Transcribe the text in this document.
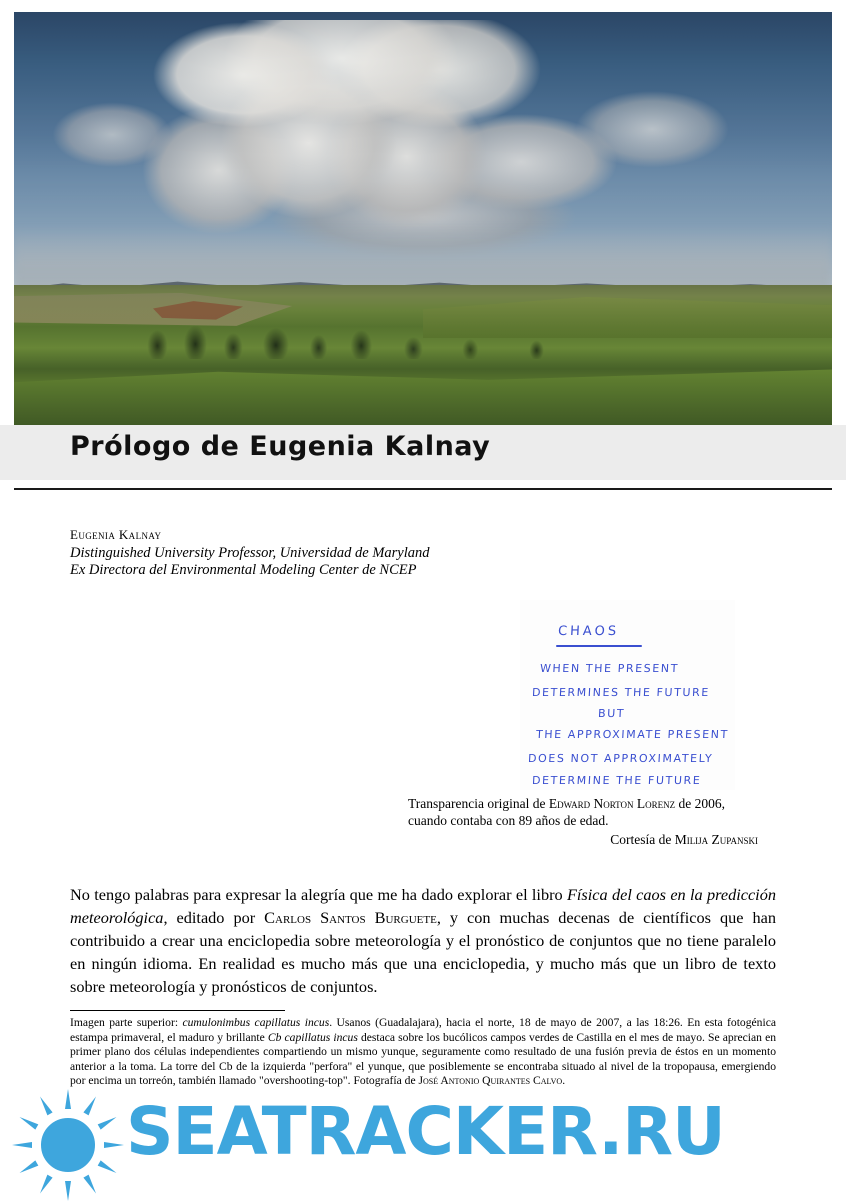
Prólogo de Eugenia Kalnay
Eugenia Kalnay
Distinguished University Professor, Universidad de Maryland
Ex Directora del Environmental Modeling Center de NCEP
CHAOS
WHEN THE PRESENT
DETERMINES THE FUTURE
BUT
THE APPROXIMATE PRESENT
DOES NOT APPROXIMATELY
DETERMINE THE FUTURE
Transparencia original de Edward Norton Lorenz de 2006, cuando contaba con 89 años de edad.
Cortesía de Milija Zupanski
No tengo palabras para expresar la alegría que me ha dado explorar el libro Física del caos en la predicción meteorológica, editado por Carlos Santos Burguete, y con muchas decenas de científicos que han contribuido a crear una enciclopedia sobre meteorología y el pronóstico de conjuntos que no tiene paralelo en ningún idioma. En realidad es mucho más que una enciclopedia, y mucho más que un libro de texto sobre meteorología y pronósticos de conjuntos.
Imagen parte superior: cumulonimbus capillatus incus. Usanos (Guadalajara), hacia el norte, 18 de mayo de 2007, a las 18:26. En esta fotogénica estampa primaveral, el maduro y brillante Cb capillatus incus destaca sobre los bucólicos campos verdes de Castilla en el mes de mayo. Se aprecian en primer plano dos células independientes compartiendo un mismo yunque, seguramente como resultado de una fusión previa de éstos en un momento anterior a la toma. La torre del Cb de la izquierda "perfora" el yunque, que posiblemente se encontraba situado al nivel de la tropopausa, emergiendo por encima un torreón, también llamado "overshooting-top". Fotografía de José Antonio Quirantes Calvo.
SEATRACKER.RU
